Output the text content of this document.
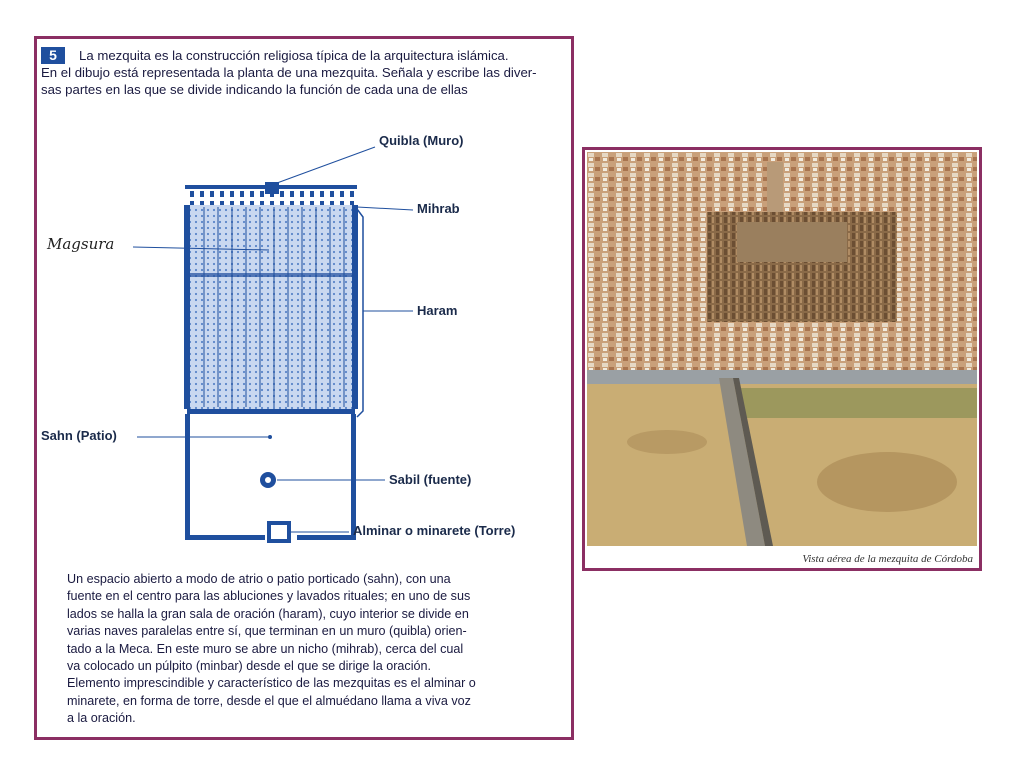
5	La mezquita es la construcción religiosa típica de la arquitectura islámica.
En el dibujo está representada la planta de una mezquita. Señala y escribe las diver-
sas partes en las que se divide indicando la función de cada una de ellas
Quibla (Muro)
Mihrab
Magsura
Haram
Sahn (Patio)
Sabil (fuente)
Alminar o minarete (Torre)
Un espacio abierto a modo de atrio o patio porticado (sahn), con una
fuente en el centro para las abluciones y lavados rituales; en uno de sus
lados se halla la gran sala de oración (haram), cuyo interior se divide en
varias naves paralelas entre sí, que terminan en un muro (quibla) orien-
tado a la Meca. En este muro se abre un nicho (mihrab), cerca del cual
va colocado un púlpito (minbar) desde el que se dirige la oración.
Elemento imprescindible y característico de las mezquitas es el alminar o
minarete, en forma de torre, desde el que el almuédano llama a viva voz
a la oración.
Vista aérea de la mezquita de Córdoba
